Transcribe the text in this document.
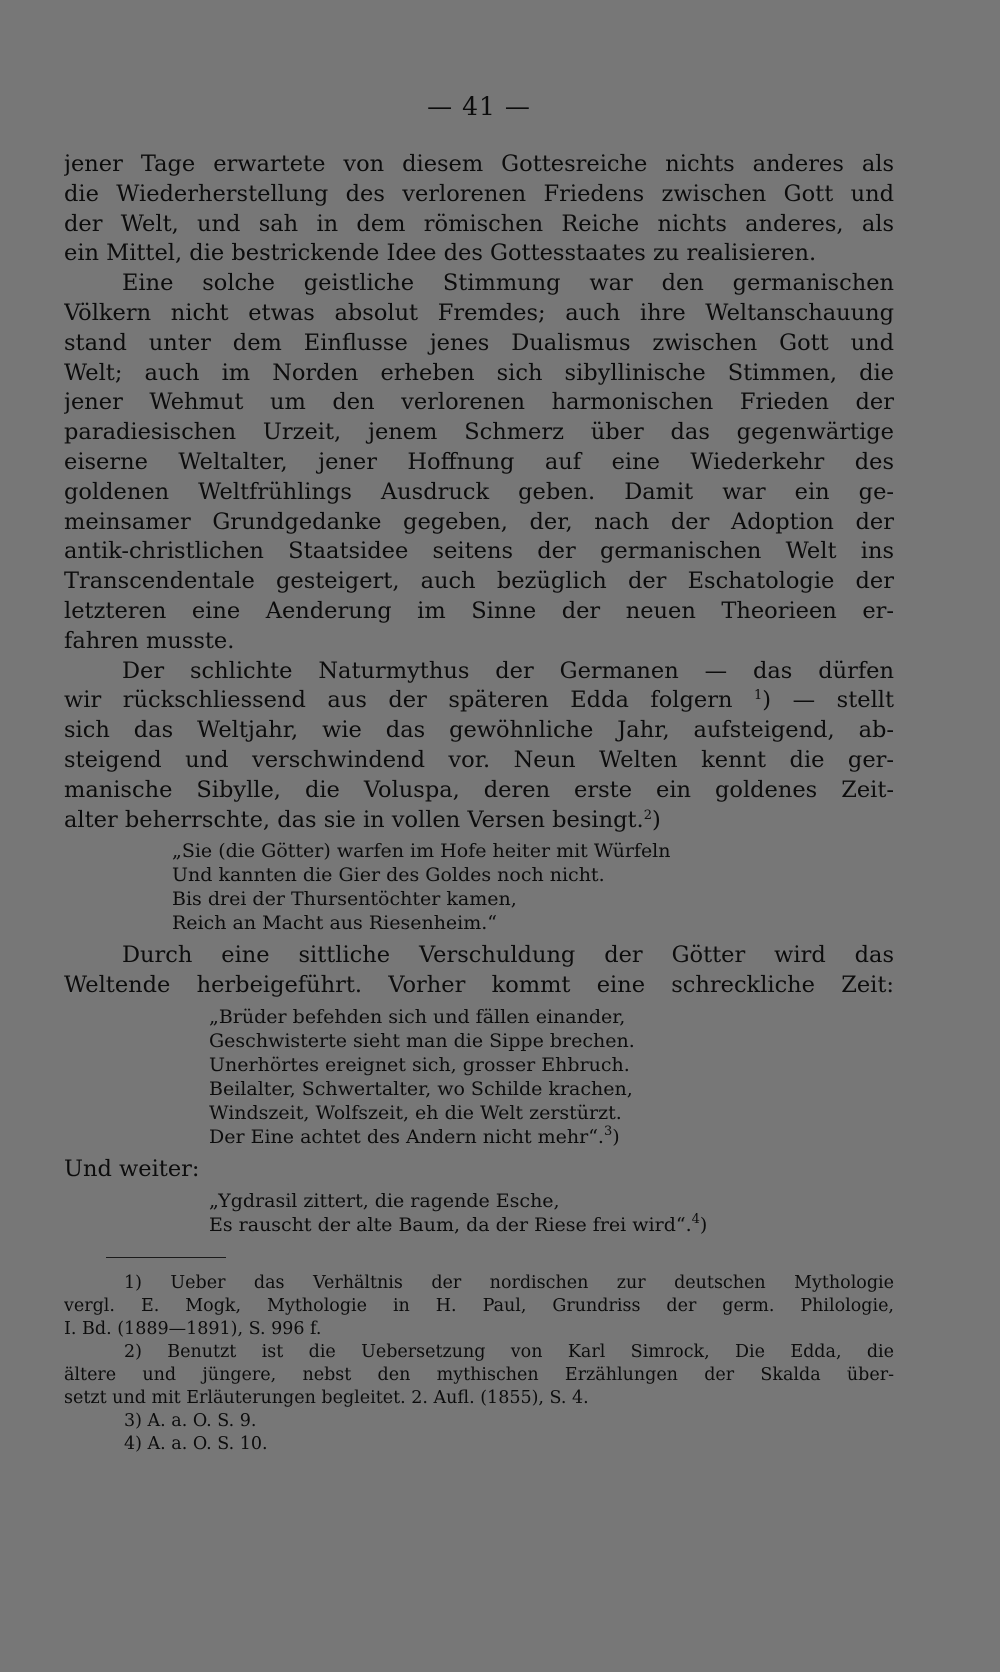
— 41 —

jener Tage erwartete von diesem Gottesreiche nichts anderes als
die Wiederherstellung des verlorenen Friedens zwischen Gott und
der Welt, und sah in dem römischen Reiche nichts anderes, als
ein Mittel, die bestrickende Idee des Gottesstaates zu realisieren.

Eine solche geistliche Stimmung war den germanischen
Völkern nicht etwas absolut Fremdes; auch ihre Weltanschauung
stand unter dem Einflusse jenes Dualismus zwischen Gott und
Welt; auch im Norden erheben sich sibyllinische Stimmen, die
jener Wehmut um den verlorenen harmonischen Frieden der
paradiesischen Urzeit, jenem Schmerz über das gegenwärtige
eiserne Weltalter, jener Hoffnung auf eine Wiederkehr des
goldenen Weltfrühlings Ausdruck geben. Damit war ein ge-
meinsamer Grundgedanke gegeben, der, nach der Adoption der
antik-christlichen Staatsidee seitens der germanischen Welt ins
Transcendentale gesteigert, auch bezüglich der Eschatologie der
letzteren eine Aenderung im Sinne der neuen Theorieen er-
fahren musste.

Der schlichte Naturmythus der Germanen — das dürfen
wir rückschliessend aus der späteren Edda folgern $^1$) — stellt
sich das Weltjahr, wie das gewöhnliche Jahr, aufsteigend, ab-
steigend und verschwindend vor. Neun Welten kennt die ger-
manische Sibylle, die Voluspa, deren erste ein goldenes Zeit-
alter beherrschte, das sie in vollen Versen besingt.$^2$)

„Sie (die Götter) warfen im Hofe heiter mit Würfeln
Und kannten die Gier des Goldes noch nicht.
Bis drei der Thursentöchter kamen,
Reich an Macht aus Riesenheim.“

Durch eine sittliche Verschuldung der Götter wird das
Weltende herbeigeführt. Vorher kommt eine schreckliche Zeit:

„Brüder befehden sich und fällen einander,
Geschwisterte sieht man die Sippe brechen.
Unerhörtes ereignet sich, grosser Ehbruch.
Beilalter, Schwertalter, wo Schilde krachen,
Windszeit, Wolfszeit, eh die Welt zerstürzt.
Der Eine achtet des Andern nicht mehr“.$^3$)

Und weiter:

„Ygdrasil zittert, die ragende Esche,
Es rauscht der alte Baum, da der Riese frei wird“.$^4$)
1) Ueber das Verhältnis der nordischen zur deutschen Mythologie
vergl. E. Mogk, Mythologie in H. Paul, Grundriss der germ. Philologie,
I. Bd. (1889—1891), S. 996 f.
2) Benutzt ist die Uebersetzung von Karl Simrock, Die Edda, die
ältere und jüngere, nebst den mythischen Erzählungen der Skalda über-
setzt und mit Erläuterungen begleitet. 2. Aufl. (1855), S. 4.
3) A. a. O. S. 9.
4) A. a. O. S. 10.
